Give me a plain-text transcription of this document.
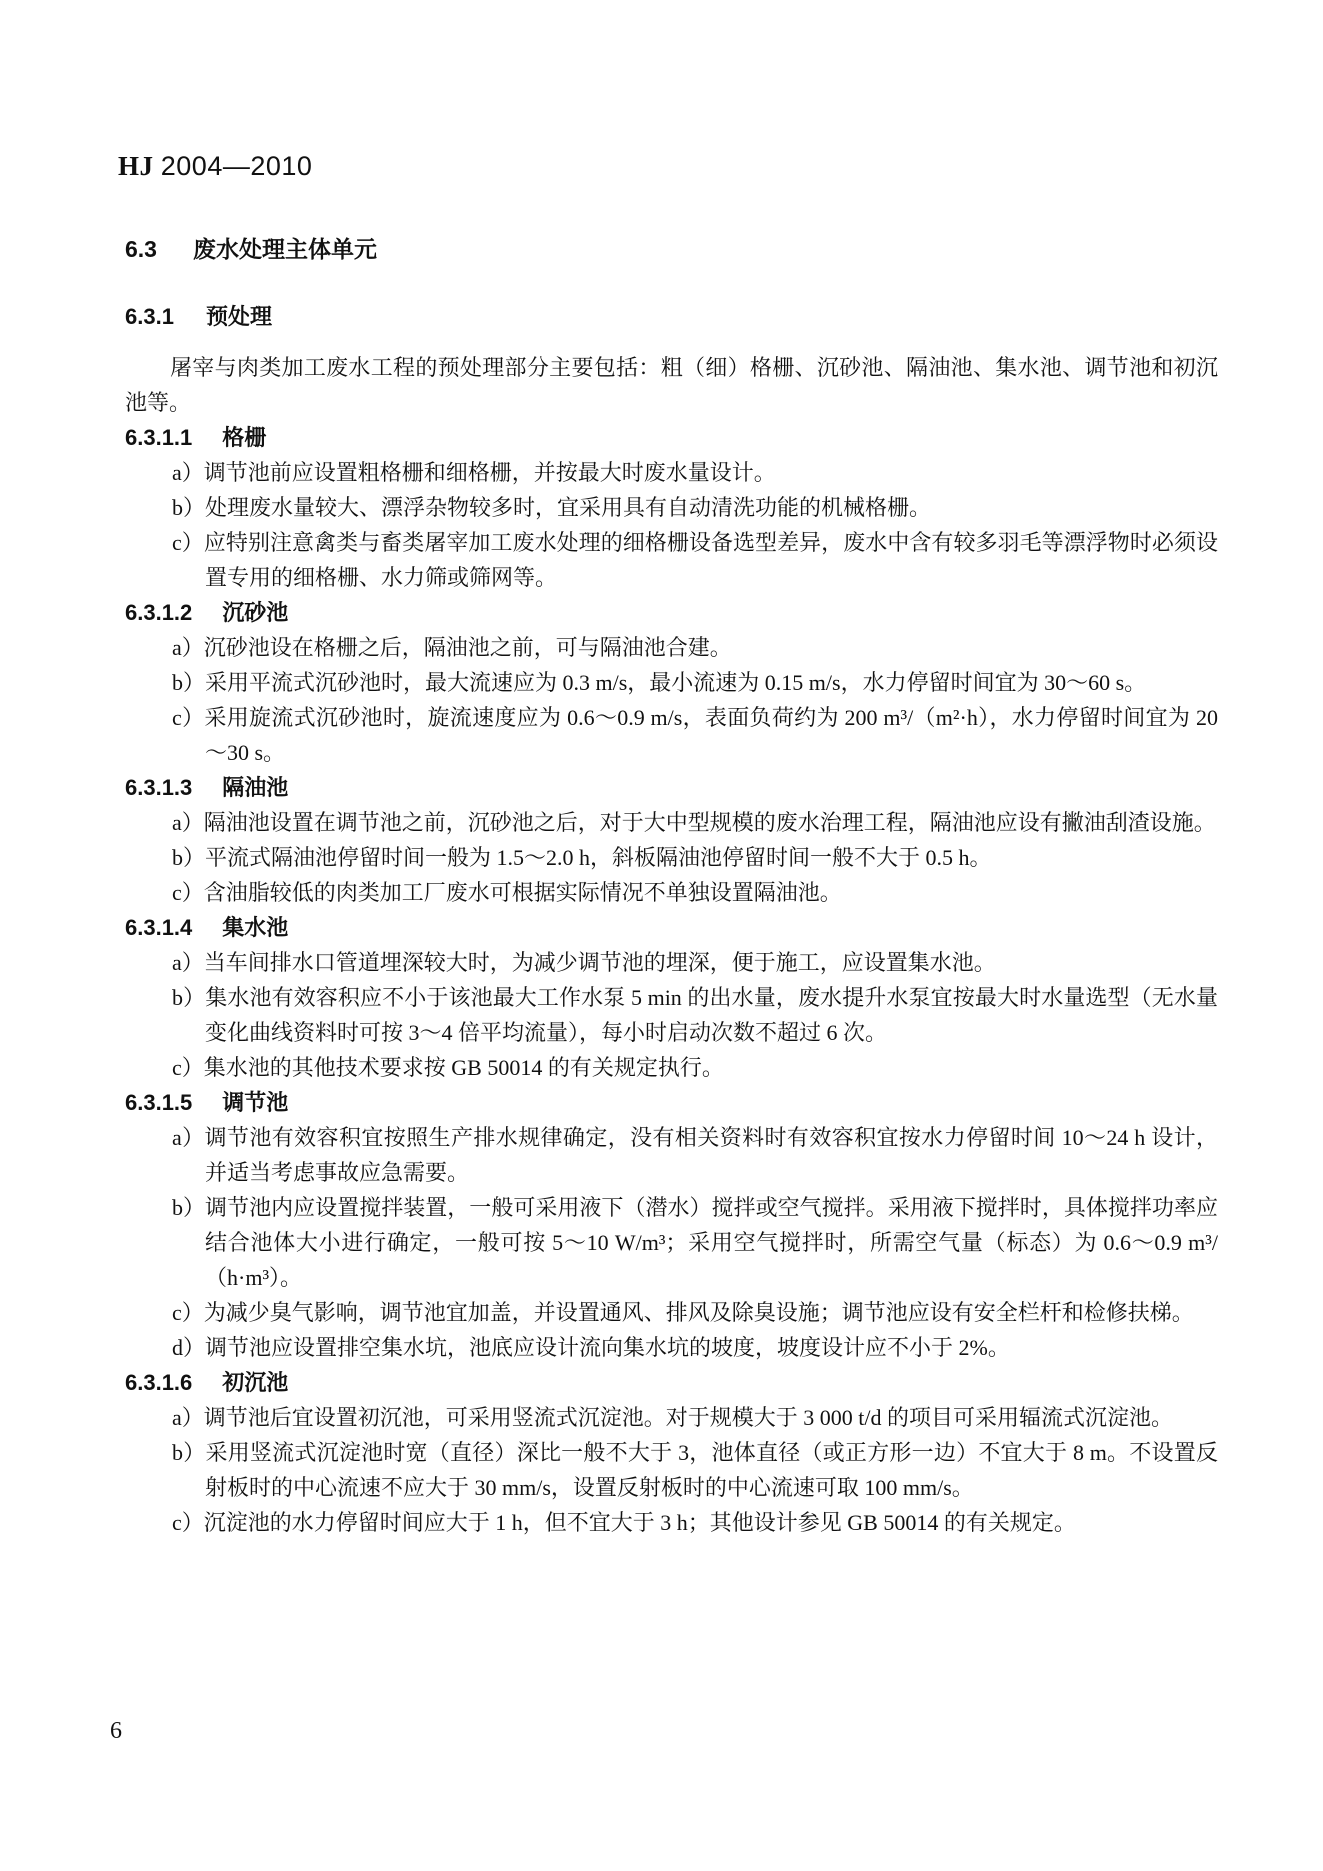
HJ 2004—2010
6.3 废水处理主体单元
6.3.1 预处理

屠宰与肉类加工废水工程的预处理部分主要包括：粗（细）格栅、沉砂池、隔油池、集水池、调节池和初沉池等。

6.3.1.1 格栅
a）调节池前应设置粗格栅和细格栅，并按最大时废水量设计。
b）处理废水量较大、漂浮杂物较多时，宜采用具有自动清洗功能的机械格栅。
c）应特别注意禽类与畜类屠宰加工废水处理的细格栅设备选型差异，废水中含有较多羽毛等漂浮物时必须设置专用的细格栅、水力筛或筛网等。
6.3.1.2 沉砂池
a）沉砂池设在格栅之后，隔油池之前，可与隔油池合建。
b）采用平流式沉砂池时，最大流速应为 0.3 m/s，最小流速为 0.15 m/s，水力停留时间宜为 30～60 s。
c）采用旋流式沉砂池时，旋流速度应为 0.6～0.9 m/s，表面负荷约为 200 m³/（m²·h），水力停留时间宜为 20～30 s。
6.3.1.3 隔油池
a）隔油池设置在调节池之前，沉砂池之后，对于大中型规模的废水治理工程，隔油池应设有撇油刮渣设施。
b）平流式隔油池停留时间一般为 1.5～2.0 h，斜板隔油池停留时间一般不大于 0.5 h。
c）含油脂较低的肉类加工厂废水可根据实际情况不单独设置隔油池。
6.3.1.4 集水池
a）当车间排水口管道埋深较大时，为减少调节池的埋深，便于施工，应设置集水池。
b）集水池有效容积应不小于该池最大工作水泵 5 min 的出水量，废水提升水泵宜按最大时水量选型（无水量变化曲线资料时可按 3～4 倍平均流量），每小时启动次数不超过 6 次。
c）集水池的其他技术要求按 GB 50014 的有关规定执行。
6.3.1.5 调节池
a）调节池有效容积宜按照生产排水规律确定，没有相关资料时有效容积宜按水力停留时间 10～24 h 设计，并适当考虑事故应急需要。
b）调节池内应设置搅拌装置，一般可采用液下（潜水）搅拌或空气搅拌。采用液下搅拌时，具体搅拌功率应结合池体大小进行确定，一般可按 5～10 W/m³；采用空气搅拌时，所需空气量（标态）为 0.6～0.9 m³/（h·m³）。
c）为减少臭气影响，调节池宜加盖，并设置通风、排风及除臭设施；调节池应设有安全栏杆和检修扶梯。
d）调节池应设置排空集水坑，池底应设计流向集水坑的坡度，坡度设计应不小于 2%。
6.3.1.6 初沉池
a）调节池后宜设置初沉池，可采用竖流式沉淀池。对于规模大于 3 000 t/d 的项目可采用辐流式沉淀池。
b）采用竖流式沉淀池时宽（直径）深比一般不大于 3，池体直径（或正方形一边）不宜大于 8 m。不设置反射板时的中心流速不应大于 30 mm/s，设置反射板时的中心流速可取 100 mm/s。
c）沉淀池的水力停留时间应大于 1 h，但不宜大于 3 h；其他设计参见 GB 50014 的有关规定。
6
